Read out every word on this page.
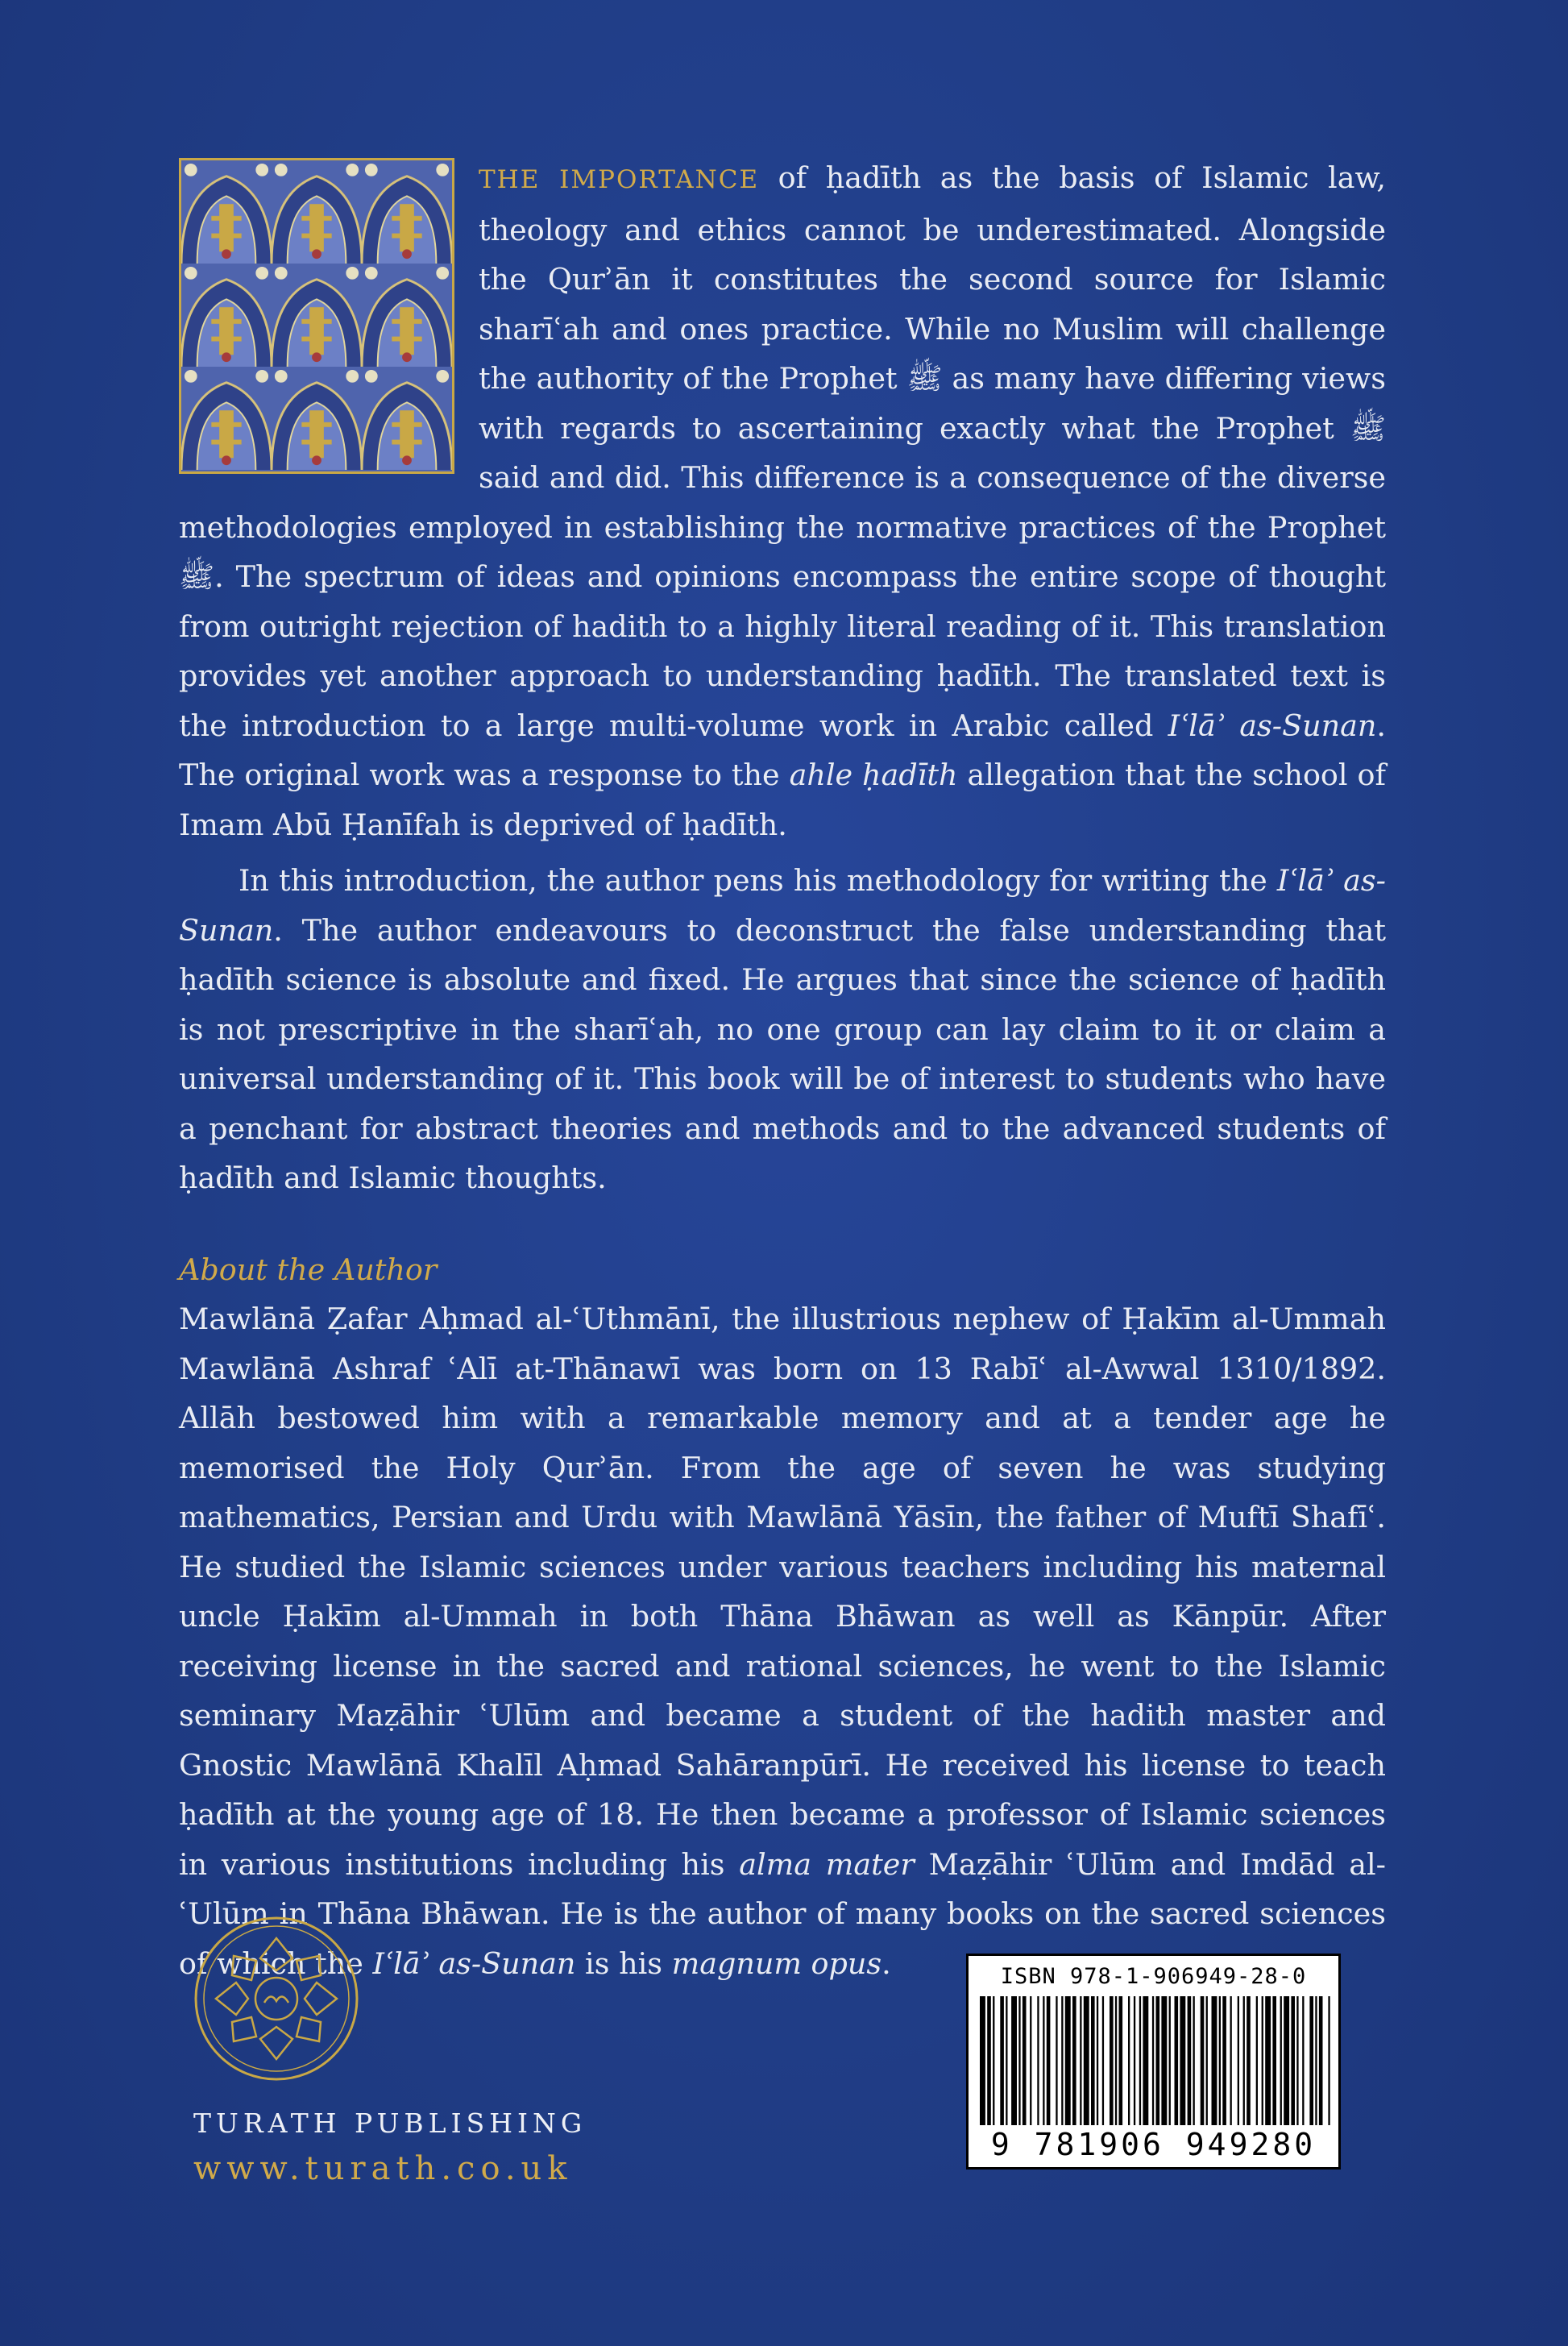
THE IMPORTANCE of ḥadīth as the basis of Islamic law, theology and ethics cannot be underestimated. Alongside the Qurʾān it constitutes the second source for Islamic sharīʿah and ones practice. While no Muslim will challenge the authority of the Prophet ﷺ as many have differing views with regards to ascertaining exactly what the Prophet ﷺ said and did. This difference is a consequence of the diverse methodologies employed in establishing the normative practices of the Prophet ﷺ. The spectrum of ideas and opinions encompass the entire scope of thought from outright rejection of hadith to a highly literal reading of it. This translation provides yet another approach to understanding ḥadīth. The translated text is the introduction to a large multi-volume work in Arabic called Iʿlāʾ as-Sunan. The original work was a response to the ahle ḥadīth allegation that the school of Imam Abū Ḥanīfah is deprived of ḥadīth.

In this introduction, the author pens his methodology for writing the Iʿlāʾ as-Sunan. The author endeavours to deconstruct the false understanding that ḥadīth science is absolute and fixed. He argues that since the science of ḥadīth is not prescriptive in the sharīʿah, no one group can lay claim to it or claim a universal understanding of it. This book will be of interest to students who have a penchant for abstract theories and methods and to the advanced students of ḥadīth and Islamic thoughts.

About the Author

Mawlānā Ẓafar Aḥmad al-ʿUthmānī, the illustrious nephew of Ḥakīm al-Ummah Mawlānā Ashraf ʿAlī at-Thānawī was born on 13 Rabīʿ al-Awwal 1310/1892. Allāh bestowed him with a remarkable memory and at a tender age he memorised the Holy Qurʾān. From the age of seven he was studying mathematics, Persian and Urdu with Mawlānā Yāsīn, the father of Muftī Shafīʿ. He studied the Islamic sciences under various teachers including his maternal uncle Ḥakīm al-Ummah in both Thāna Bhāwan as well as Kānpūr. After receiving license in the sacred and rational sciences, he went to the Islamic seminary Maẓāhir ʿUlūm and became a student of the hadith master and Gnostic Mawlānā Khalīl Aḥmad Sahāranpūrī. He received his license to teach ḥadīth at the young age of 18. He then became a professor of Islamic sciences in various institutions including his alma mater Maẓāhir ʿUlūm and Imdād al-ʿUlūm in Thāna Bhāwan. He is the author of many books on the sacred sciences of which the Iʿlāʾ as-Sunan is his magnum opus.

TURATH PUBLISHING
www.turath.co.uk
ISBN 978-1-906949-28-0
9 781906 949280
